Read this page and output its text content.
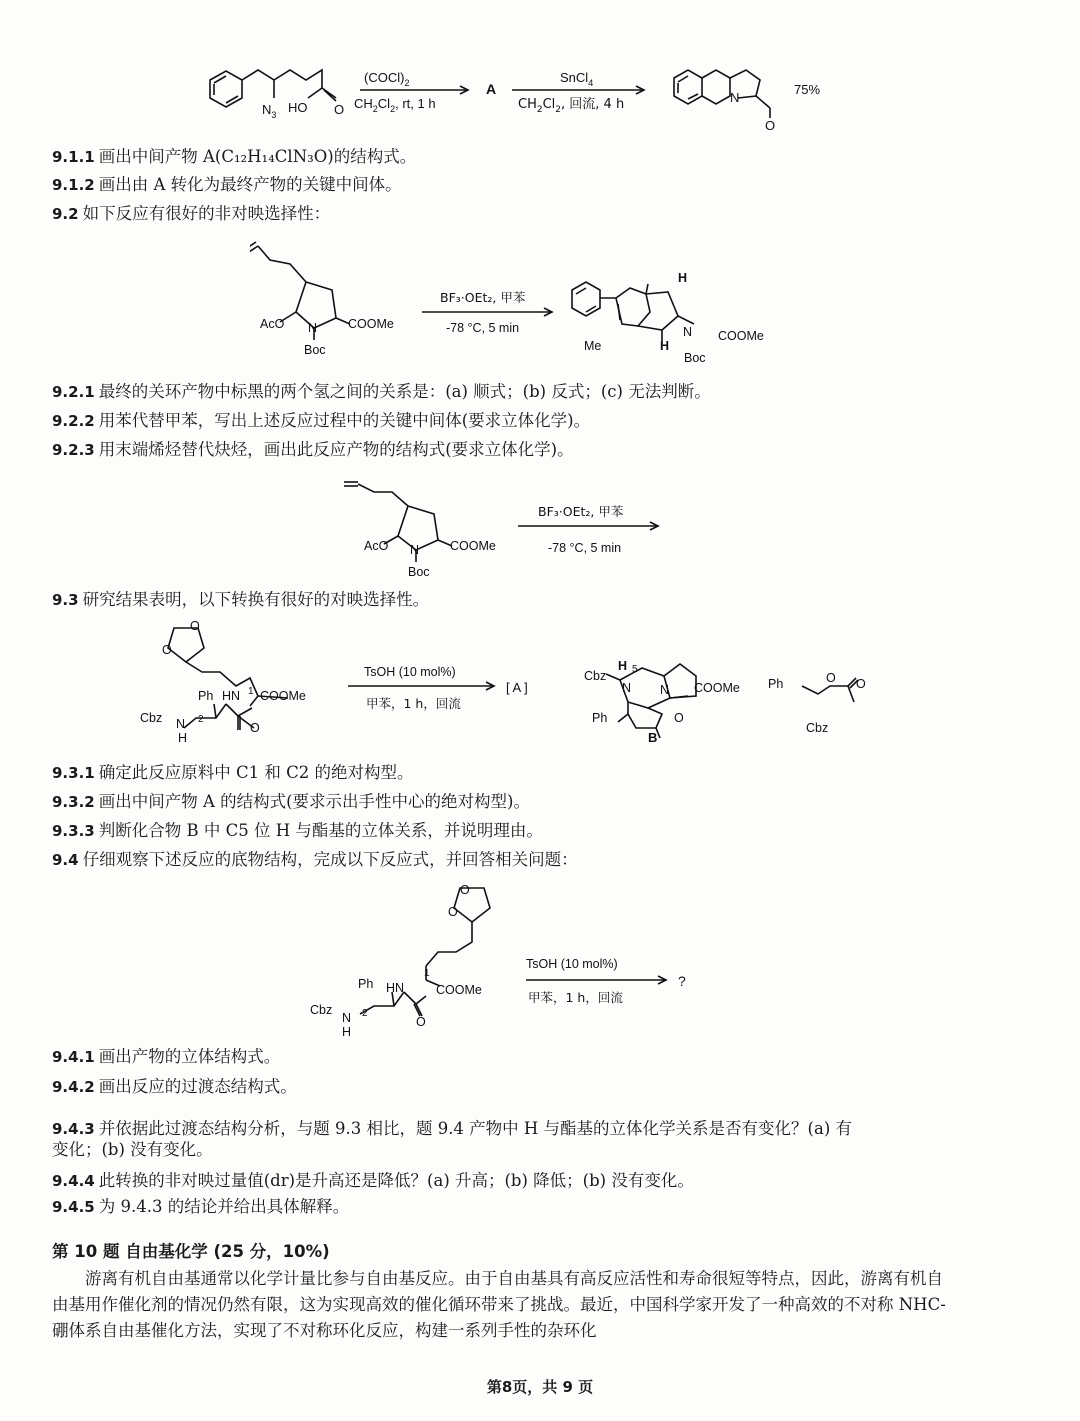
$N_3$ HO O
$(COCl)_2$
$CH_2Cl_2$, rt, 1 h
A
SnCl$_4$
$CH_2Cl_2$, 回流, 4 h	N
O
75%
9.1.1 画出中间产物 A(C₁₂H₁₄ClN₃O)的结构式。
9.1.2 画出由 A 转化为最终产物的关键中间体。
9.2 如下反应有很好的非对映选择性：
AcO N
Boc
COOMe
BF₃·OEt₂, 甲苯
-78 °C, 5 min
H
H
Me
N
Boc
COOMe
9.2.1 最终的关环产物中标黑的两个氢之间的关系是：(a) 顺式；(b) 反式；(c) 无法判断。
9.2.2 用苯代替甲苯，写出上述反应过程中的关键中间体(要求立体化学)。
9.2.3 用末端烯烃替代炔烃，画出此反应产物的结构式(要求立体化学)。
AcO N
Boc
COOMe
BF₃·OEt₂, 甲苯
-78 °C, 5 min
9.3 研究结果表明，以下转换有很好的对映选择性。
O
O
1
Ph HN COOMe
Cbz N 2
H
O
TsOH (10 mol%)
甲苯，1 h，回流
[ A ]
Cbz
H 5
N N COOMe
Ph	O
B
Ph	O O
Cbz
9.3.1 确定此反应原料中 C1 和 C2 的绝对构型。
9.3.2 画出中间产物 A 的结构式(要求示出手性中心的绝对构型)。
9.3.3 判断化合物 B 中 C5 位 H 与酯基的立体关系，并说明理由。
9.4 仔细观察下述反应的底物结构，完成以下反应式，并回答相关问题：
O
O
1
Ph HN	COOMe
Cbz
N 2
H
O
TsOH (10 mol%)
甲苯，1 h，回流
?
9.4.1 画出产物的立体结构式。
9.4.2 画出反应的过渡态结构式。
9.4.3 并依据此过渡态结构分析，与题 9.3 相比，题 9.4 产物中 H 与酯基的立体化学关系是否有变化？(a) 有
变化；(b) 没有变化。
9.4.4 此转换的非对映过量值(dr)是升高还是降低？(a) 升高；(b) 降低；(b) 没有变化。
9.4.5 为 9.4.3 的结论并给出具体解释。
第 10 题 自由基化学 (25 分，10%)
游离有机自由基通常以化学计量比参与自由基反应。由于自由基具有高反应活性和寿命很短等特点，因此，游离有机自由基用作催化剂的情况仍然有限，这为实现高效的催化循环带来了挑战。最近，中国科学家开发了一种高效的不对称 NHC-硼体系自由基催化方法，实现了不对称环化反应，构建一系列手性的杂环化
第8页，共 9 页
